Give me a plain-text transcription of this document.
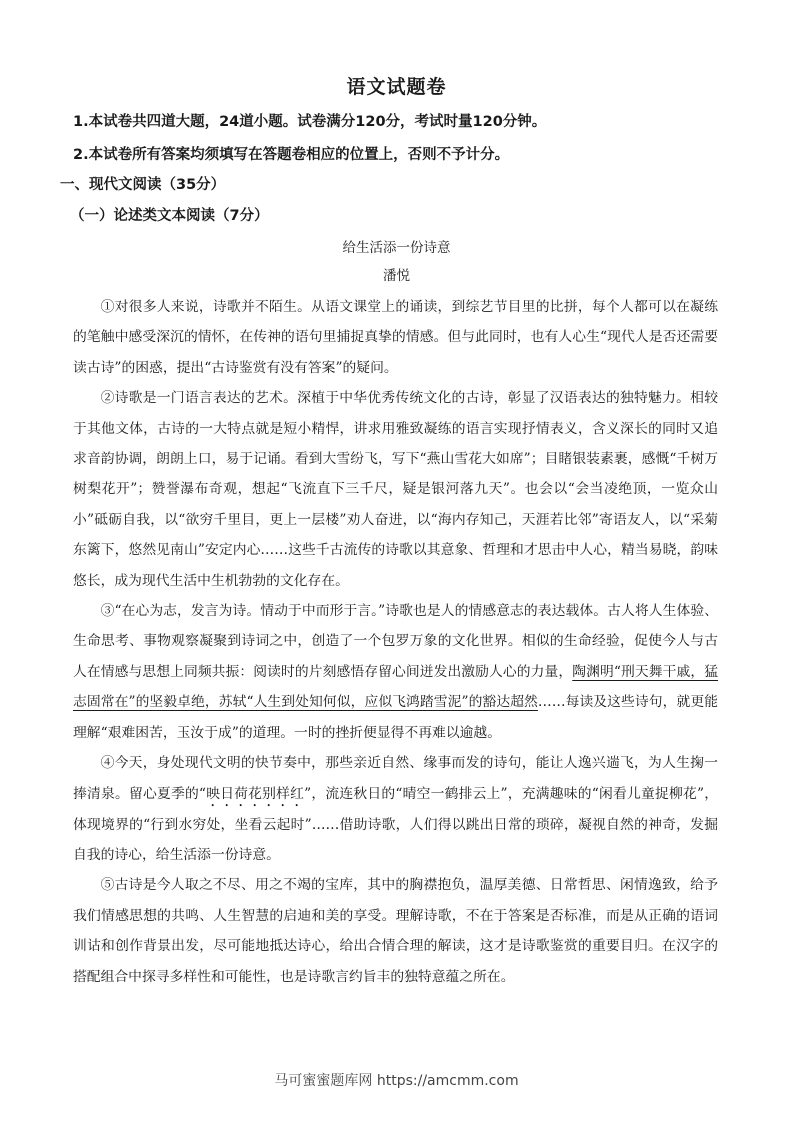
语文试题卷
1.本试卷共四道大题，24道小题。试卷满分120分，考试时量120分钟。
2.本试卷所有答案均须填写在答题卷相应的位置上，否则不予计分。
一、现代文阅读（35分）
（一）论述类文本阅读（7分）
给生活添一份诗意
潘悦

①对很多人来说，诗歌并不陌生。从语文课堂上的诵读，到综艺节目里的比拼，每个人都可以在凝练的笔触中感受深沉的情怀，在传神的语句里捕捉真挚的情感。但与此同时，也有人心生“现代人是否还需要读古诗”的困惑，提出“古诗鉴赏有没有答案”的疑问。

②诗歌是一门语言表达的艺术。深植于中华优秀传统文化的古诗，彰显了汉语表达的独特魅力。相较于其他文体，古诗的一大特点就是短小精悍，讲求用雅致凝练的语言实现抒情表义，含义深长的同时又追求音韵协调，朗朗上口，易于记诵。看到大雪纷飞，写下“燕山雪花大如席”；目睹银装素裹，感慨“千树万树梨花开”；赞誉瀑布奇观，想起“飞流直下三千尺，疑是银河落九天”。也会以“会当凌绝顶，一览众山小”砥砺自我，以“欲穷千里目，更上一层楼”劝人奋进，以“海内存知己，天涯若比邻”寄语友人，以“采菊东篱下，悠然见南山”安定内心……这些千古流传的诗歌以其意象、哲理和才思击中人心，精当易晓，韵味悠长，成为现代生活中生机勃勃的文化存在。

③“在心为志，发言为诗。情动于中而形于言。”诗歌也是人的情感意志的表达载体。古人将人生体验、生命思考、事物观察凝聚到诗词之中，创造了一个包罗万象的文化世界。相似的生命经验，促使今人与古人在情感与思想上同频共振：阅读时的片刻感悟存留心间迸发出激励人心的力量，陶渊明“刑天舞干戚，猛志固常在”的坚毅卓绝，苏轼“人生到处知何似，应似飞鸿踏雪泥”的豁达超然……每读及这些诗句，就更能理解“艰难困苦，玉汝于成”的道理。一时的挫折便显得不再难以逾越。

④今天，身处现代文明的快节奏中，那些亲近自然、缘事而发的诗句，能让人逸兴遄飞，为人生掬一捧清泉。留心夏季的“映日荷花别样红”，流连秋日的“晴空一鹤排云上”，充满趣味的“闲看儿童捉柳花”，体现境界的“行到水穷处，坐看云起时”……借助诗歌，人们得以跳出日常的琐碎，凝视自然的神奇，发掘自我的诗心，给生活添一份诗意。

⑤古诗是今人取之不尽、用之不竭的宝库，其中的胸襟抱负，温厚美德、日常哲思、闲情逸致，给予我们情感思想的共鸣、人生智慧的启迪和美的享受。理解诗歌，不在于答案是否标准，而是从正确的语词训诂和创作背景出发，尽可能地抵达诗心，给出合情合理的解读，这才是诗歌鉴赏的重要目归。在汉字的搭配组合中探寻多样性和可能性，也是诗歌言约旨丰的独特意蕴之所在。

马可蜜蜜题库网 https://amcmm.com
